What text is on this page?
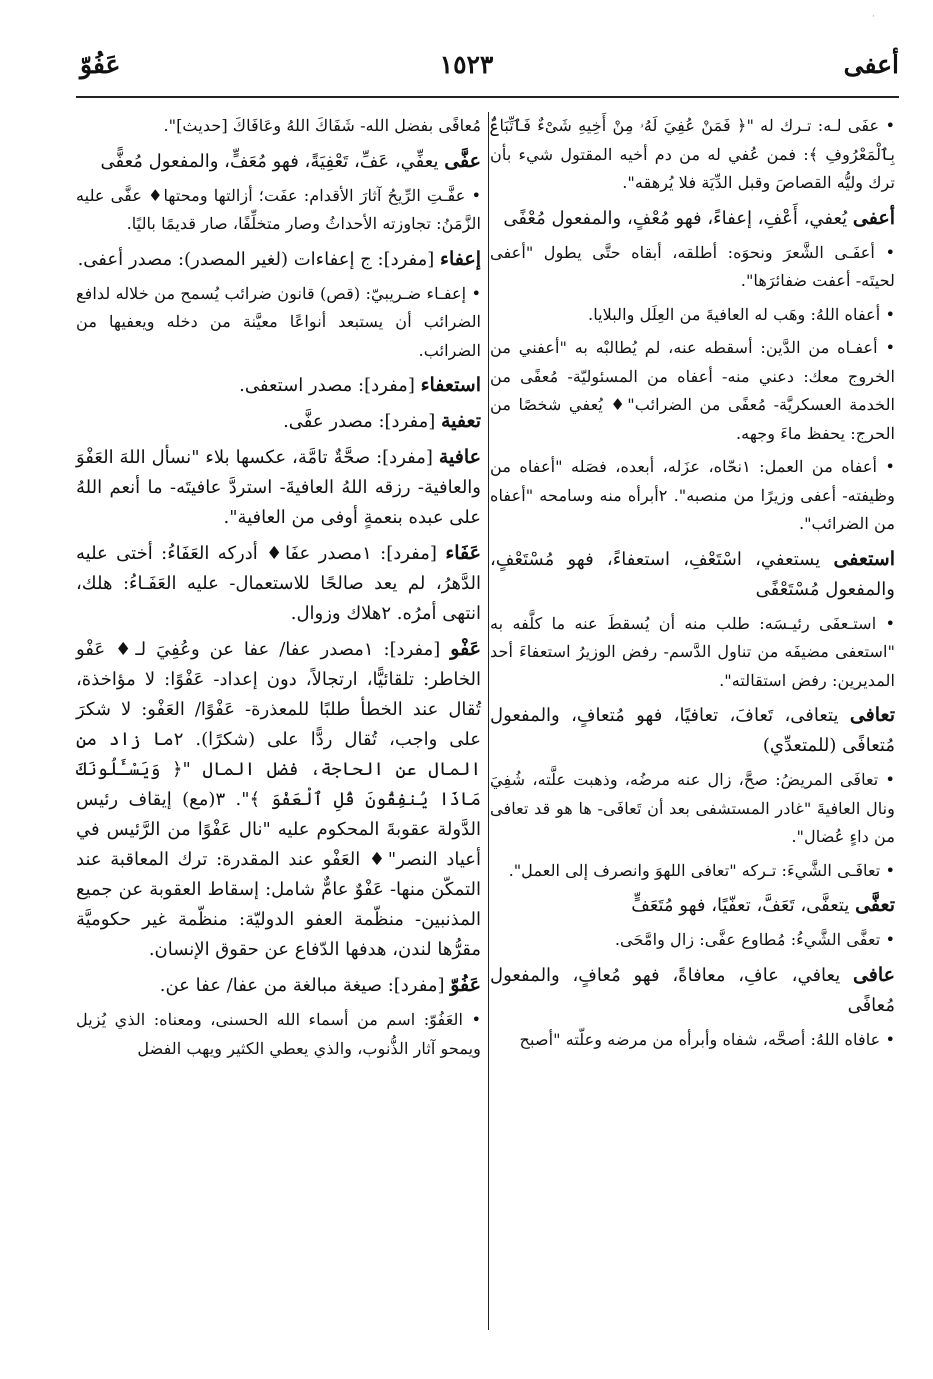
·
أعفى
١٥٢٣
عَفُوّ
• عفَى لـه: تـرك له "﴿ فَمَنْ عُفِيَ لَهُۥ مِنْ أَخِيهِ شَىْءٌ فَٱتِّبَاعٌۢ بِٱلْمَعْرُوفِ ﴾: فمن عُفي له من دم أخيه المقتول شيء بأن ترك وليُّه القصاصَ وقبل الدِّيَة فلا يُرهقه".
أعفى يُعفي، أَعْفِ، إعفاءً، فهو مُعْفٍ، والمفعول مُعْفًى
• أعفَـى الشَّعرَ ونحوَه: أطلقه، أبقاه حتَّى يطول "أعفى لحيتَه- أعفت ضفائرَها".
• أعفاه اللهُ: وهَب له العافيةَ من العِلَل والبلايا.
• أعفـاه من الدَّين: أسقطه عنه، لم يُطالبْه به "أعفني من الخروج معك: دعني منه- أعفاه من المسئوليّة- مُعفًى من الخدمة العسكريَّة- مُعفًى من الضرائب"♦ يُعفي شخصًا من الحرج: يحفظ ماءَ وجهه.
• أعفاه من العمل: ١نحّاه، عزَله، أبعده، فصَله "أعفاه من وظيفته- أعفى وزيرًا من منصبه". ٢أبرأه منه وسامحه "أعفاه من الضرائب".
استعفى يستعفي، اسْتَعْفِ، استعفاءً، فهو مُسْتَعْفٍ، والمفعول مُسْتَعْفًى
• استـعفَى رئيـسَه: طلب منه أن يُسقطَ عنه ما كلَّفه به "استعفى مضيفَه من تناول الدَّسم- رفض الوزيرُ استعفاءَ أحد المديرين: رفض استقالته".
تعافى يتعافى، تَعافَ، تعافيًا، فهو مُتعافٍ، والمفعول مُتعافًى (للمتعدِّي)
• تعافَى المريضُ: صحَّ، زال عنه مرضُه، وذهبت علَّته، شُفِيَ ونال العافيةَ "غادر المستشفى بعد أن تَعافَى- ها هو قد تعافى من داءٍ عُضال".
• تعافَـى الشَّيءَ: تـركه "تعافى اللهوَ وانصرف إلى العمل".
تعفَّى يتعفَّى، تَعَفَّ، تعفّيًا، فهو مُتَعَفٍّ
• تعفَّى الشَّيءُ: مُطاوع عفَّى: زال وامَّحَى.
عافى يعافي، عافِ، معافاةً، فهو مُعافٍ، والمفعول مُعافًى
• عافاه اللهُ: أصحَّه، شفاه وأبرأه من مرضه وعلّته "أصبح
مُعافًى بفضل الله- شَفَاكَ اللهُ وعَافَاكَ [حديث]".
عفَّى يعفِّي، عَفِّ، تَعْفِيَةً، فهو مُعَفٍّ، والمفعول مُعفًّى
• عفَّـتِ الرِّيحُ آثارَ الأقدام: عفَت؛ أزالتها ومحتها♦ عفَّى عليه الزَّمَنُ: تجاوزته الأحداثُ وصار متخلِّفًا، صار قديمًا باليًا.
إعفاء [مفرد]: ج إعفاءات (لغير المصدر): مصدر أعفى.
• إعفـاء ضـريبيّ: (قص) قانون ضرائب يُسمح من خلاله لدافع الضرائب أن يستبعد أنواعًا معيَّنة من دخله ويعفيها من الضرائب.
استعفاء [مفرد]: مصدر استعفى.
تعفية [مفرد]: مصدر عفَّى.
عافية [مفرد]: صحَّةٌ تامَّة، عكسها بلاء "نسأل اللهَ العَفْوَ والعافية- رزقه اللهُ العافيةَ- استردَّ عافيتَه- ما أنعم اللهُ على عبده بنعمةٍ أوفى من العافية".
عَفَاء [مفرد]: ١مصدر عفَا♦ أدركه العَفَاءُ: أختى عليه الدَّهرُ، لم يعد صالحًا للاستعمال- عليه العَفَـاءُ: هلك، انتهى أمرُه. ٢هلاك وزوال.
عَفْو [مفرد]: ١مصدر عفا/ عفا عن وعُفِيَ لـ♦ عَفْو الخاطر: تلقائيًّا، ارتجالاً، دون إعداد- عَفْوًا: لا مؤاخذة، تُقال عند الخطأ طلبًا للمعذرة- عَفْوًا/ العَفْو: لا شكرَ على واجب، تُقال ردًّا على (شكرًا). ٢ما زاد من المال عن الحاجة، فضل المال "﴿ وَيَسْـَٔلُونَكَ مَاذَا يُنفِقُونَ قُلِ ٱلْعَفْوَ ﴾". ٣(مع) إيقاف رئيس الدَّولة عقوبةَ المحكوم عليه "نال عَفْوًا من الرَّئيس في أعياد النصر"♦ العَفْو عند المقدرة: ترك المعاقبة عند التمكّن منها- عَفْوٌ عامٌّ شامل: إسقاط العقوبة عن جميع المذنبين- منظّمة العفو الدوليّة: منظّمة غير حكوميَّة مقرُّها لندن، هدفها الدّفاع عن حقوق الإنسان.
عَفُوّ [مفرد]: صيغة مبالغة من عفا/ عفا عن.
• العَفُوّ: اسم من أسماء الله الحسنى، ومعناه: الذي يُزيل ويمحو آثار الذُّنوب، والذي يعطي الكثير ويهب الفضل
